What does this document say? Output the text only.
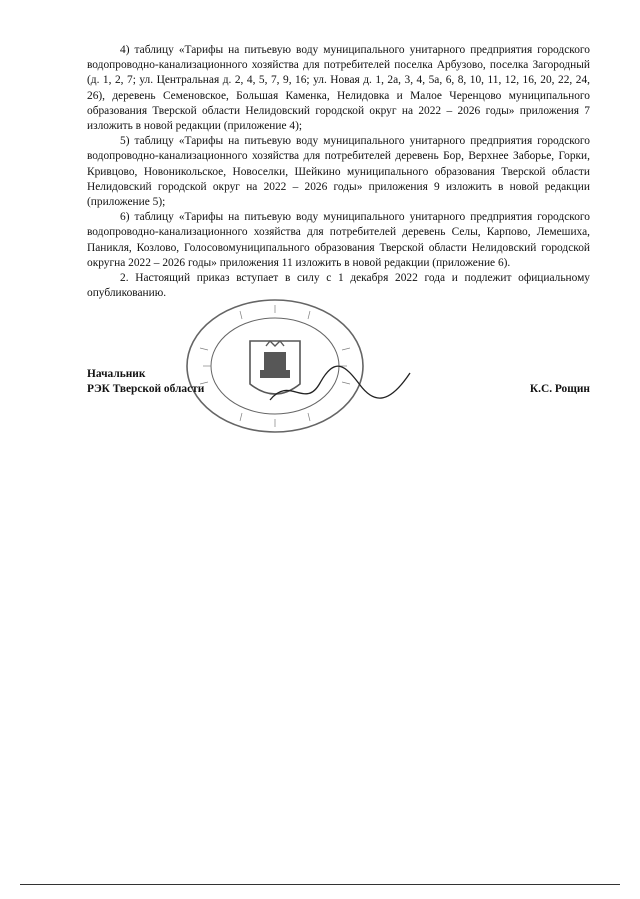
4) таблицу «Тарифы на питьевую воду муниципального унитарного предприятия городского водопроводно-канализационного хозяйства для потребителей поселка Арбузово, поселка Загородный (д. 1, 2, 7; ул. Центральная д. 2, 4, 5, 7, 9, 16; ул. Новая д. 1, 2а, 3, 4, 5а, 6, 8, 10, 11, 12, 16, 20, 22, 24, 26), деревень Семеновское, Большая Каменка, Нелидовка и Малое Черенцово муниципального образования Тверской области Нелидовский городской округ на 2022 – 2026 годы» приложения 7 изложить в новой редакции (приложение 4);

5) таблицу «Тарифы на питьевую воду муниципального унитарного предприятия городского водопроводно-канализационного хозяйства для потребителей деревень Бор, Верхнее Заборье, Горки, Кривцово, Новоникольское, Новоселки, Шейкино муниципального образования Тверской области Нелидовский городской округ на 2022 – 2026 годы» приложения 9 изложить в новой редакции (приложение 5);

6) таблицу «Тарифы на питьевую воду муниципального унитарного предприятия городского водопроводно-канализационного хозяйства для потребителей деревень Селы, Карпово, Лемешиха, Паникля, Козлово, Голосовомуниципального образования Тверской области Нелидовский городской округна 2022 – 2026 годы» приложения 11 изложить в новой редакции (приложение 6).

2. Настоящий приказ вступает в силу с 1 декабря 2022 года и подлежит официальному опубликованию.

Начальник
РЭК Тверской области	К.С. Рощин
